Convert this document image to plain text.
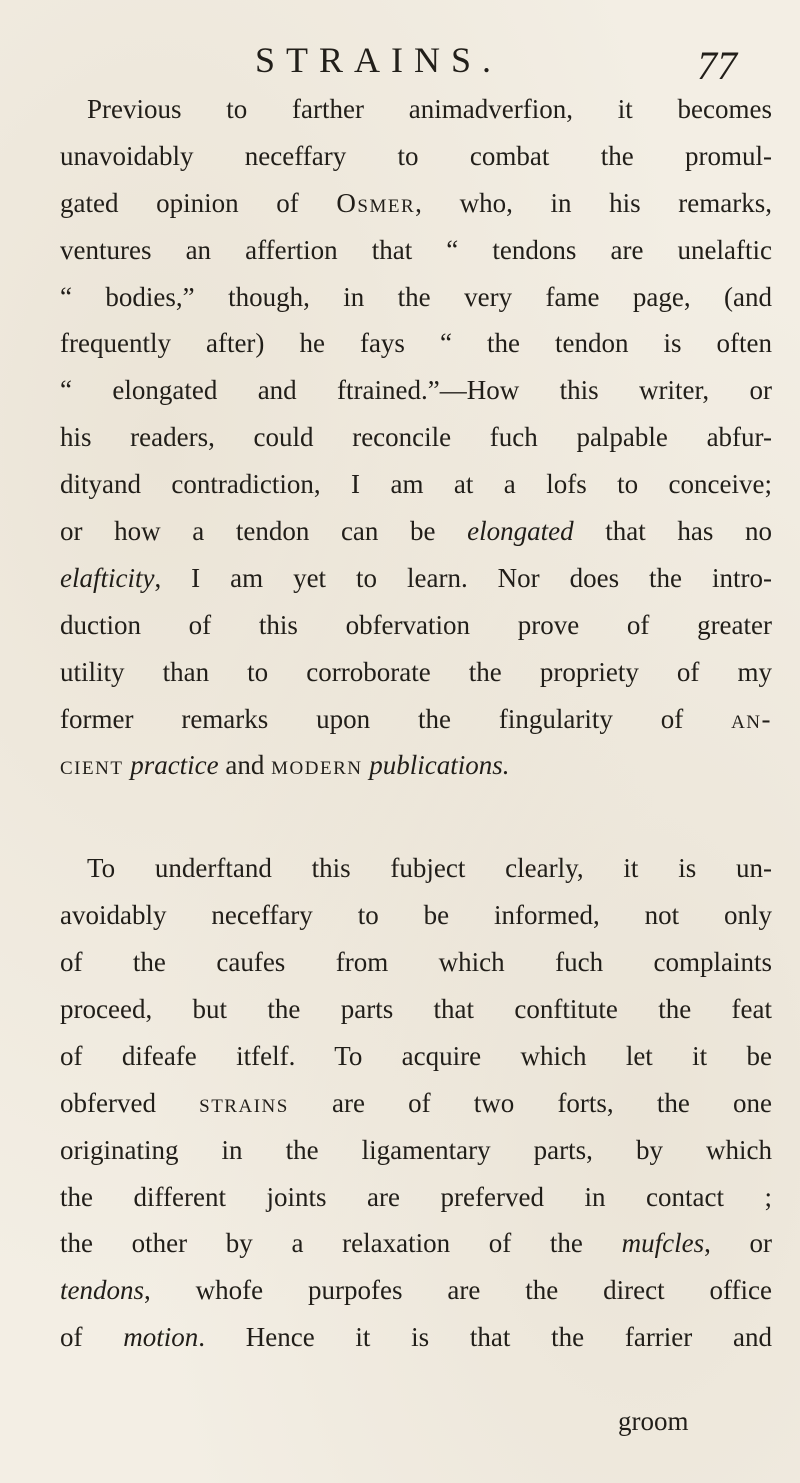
STRAINS.	77
Previous to farther animadverfion, it becomes
unavoidably neceffary to combat the promul-
gated opinion of Osmer, who, in his remarks,
ventures an affertion that “ tendons are unelaftic
“ bodies,” though, in the very fame page, (and
frequently after) he fays “ the tendon is often
“ elongated and ftrained.”—How this writer, or
his readers, could reconcile fuch palpable abfur-
dityand contradiction, I am at a lofs to conceive;
or how a tendon can be elongated that has no
elafticity, I am yet to learn. Nor does the intro-
duction of this obfervation prove of greater
utility than to corroborate the propriety of my
former remarks upon the fingularity of an-
cient practice and modern publications.
To underftand this fubject clearly, it is un-
avoidably neceffary to be informed, not only
of the caufes from which fuch complaints
proceed, but the parts that conftitute the feat
of difeafe itfelf. To acquire which let it be
obferved strains are of two forts, the one
originating in the ligamentary parts, by which
the different joints are preferved in contact ;
the other by a relaxation of the mufcles, or
tendons, whofe purpofes are the direct office
of motion. Hence it is that the farrier and
groom
